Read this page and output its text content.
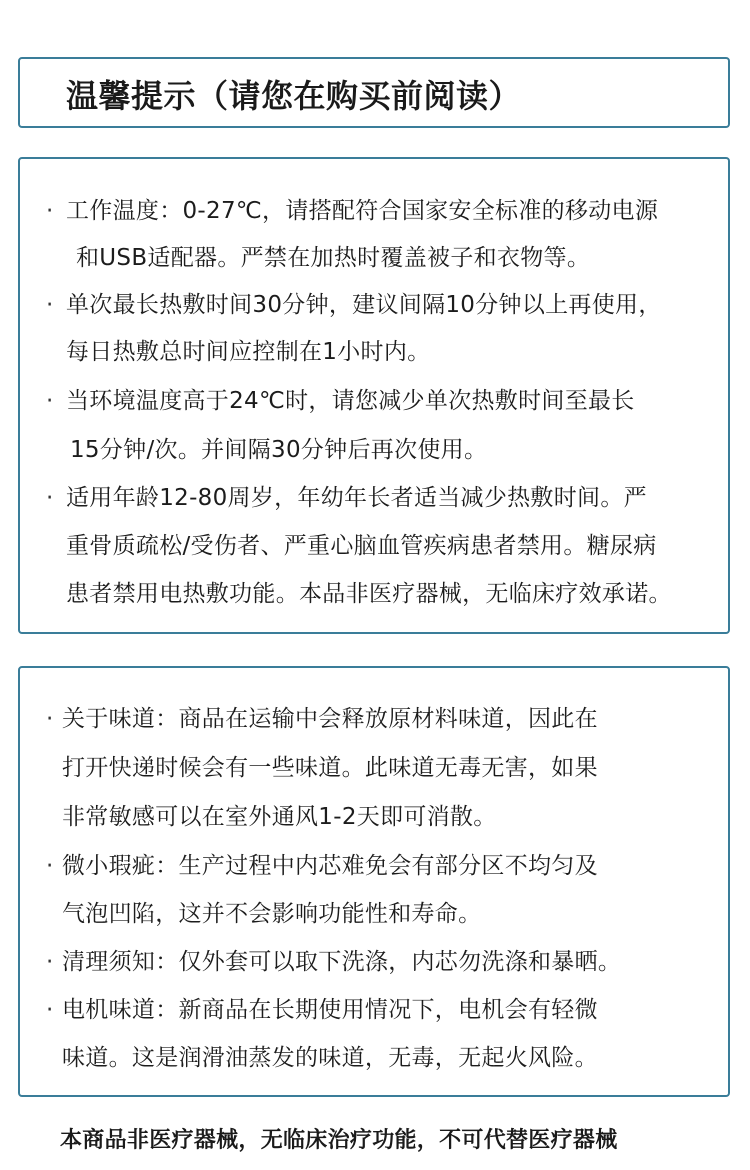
温馨提示（请您在购买前阅读）
· 工作温度：0-27℃，请搭配符合国家安全标准的移动电源
和USB适配器。严禁在加热时覆盖被子和衣物等。
· 单次最长热敷时间30分钟，建议间隔10分钟以上再使用，
每日热敷总时间应控制在1小时内。
· 当环境温度高于24℃时，请您减少单次热敷时间至最长
15分钟/次。并间隔30分钟后再次使用。
· 适用年龄12-80周岁，年幼年长者适当减少热敷时间。严
重骨质疏松/受伤者、严重心脑血管疾病患者禁用。糖尿病
患者禁用电热敷功能。本品非医疗器械，无临床疗效承诺。
· 关于味道：商品在运输中会释放原材料味道，因此在
打开快递时候会有一些味道。此味道无毒无害，如果
非常敏感可以在室外通风1-2天即可消散。
· 微小瑕疵：生产过程中内芯难免会有部分区不均匀及
气泡凹陷，这并不会影响功能性和寿命。
· 清理须知：仅外套可以取下洗涤，内芯勿洗涤和暴晒。
· 电机味道：新商品在长期使用情况下，电机会有轻微
味道。这是润滑油蒸发的味道，无毒，无起火风险。
本商品非医疗器械，无临床治疗功能，不可代替医疗器械
